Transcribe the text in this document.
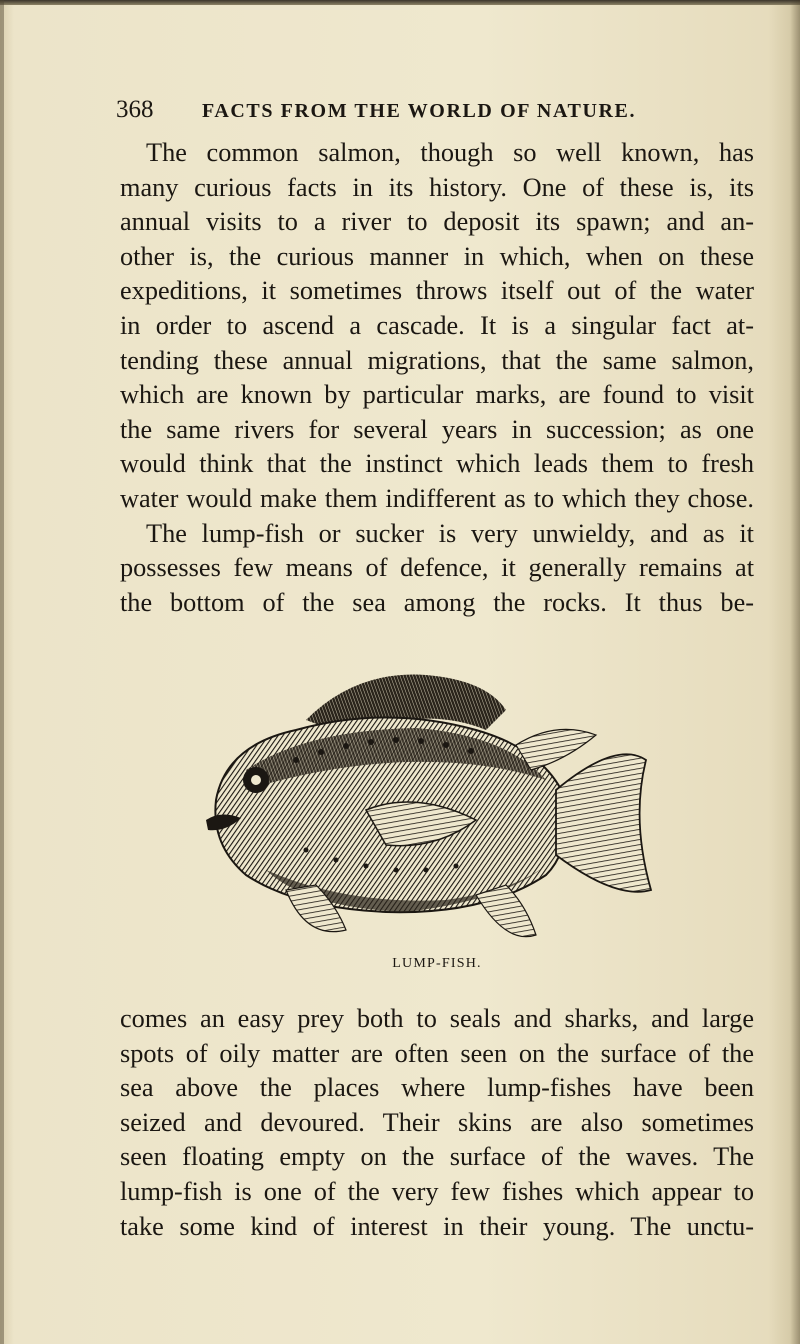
368 FACTS FROM THE WORLD OF NATURE.
The common salmon, though so well known, has
many curious facts in its history. One of these is, its
annual visits to a river to deposit its spawn; and an-
other is, the curious manner in which, when on these
expeditions, it sometimes throws itself out of the water
in order to ascend a cascade. It is a singular fact at-
tending these annual migrations, that the same salmon,
which are known by particular marks, are found to visit
the same rivers for several years in succession; as one
would think that the instinct which leads them to fresh
water would make them indifferent as to which they chose.
The lump-fish or sucker is very unwieldy, and as it
possesses few means of defence, it generally remains at
the bottom of the sea among the rocks. It thus be-
LUMP-FISH.
comes an easy prey both to seals and sharks, and large
spots of oily matter are often seen on the surface of the
sea above the places where lump-fishes have been
seized and devoured. Their skins are also sometimes
seen floating empty on the surface of the waves. The
lump-fish is one of the very few fishes which appear to
take some kind of interest in their young. The unctu-
